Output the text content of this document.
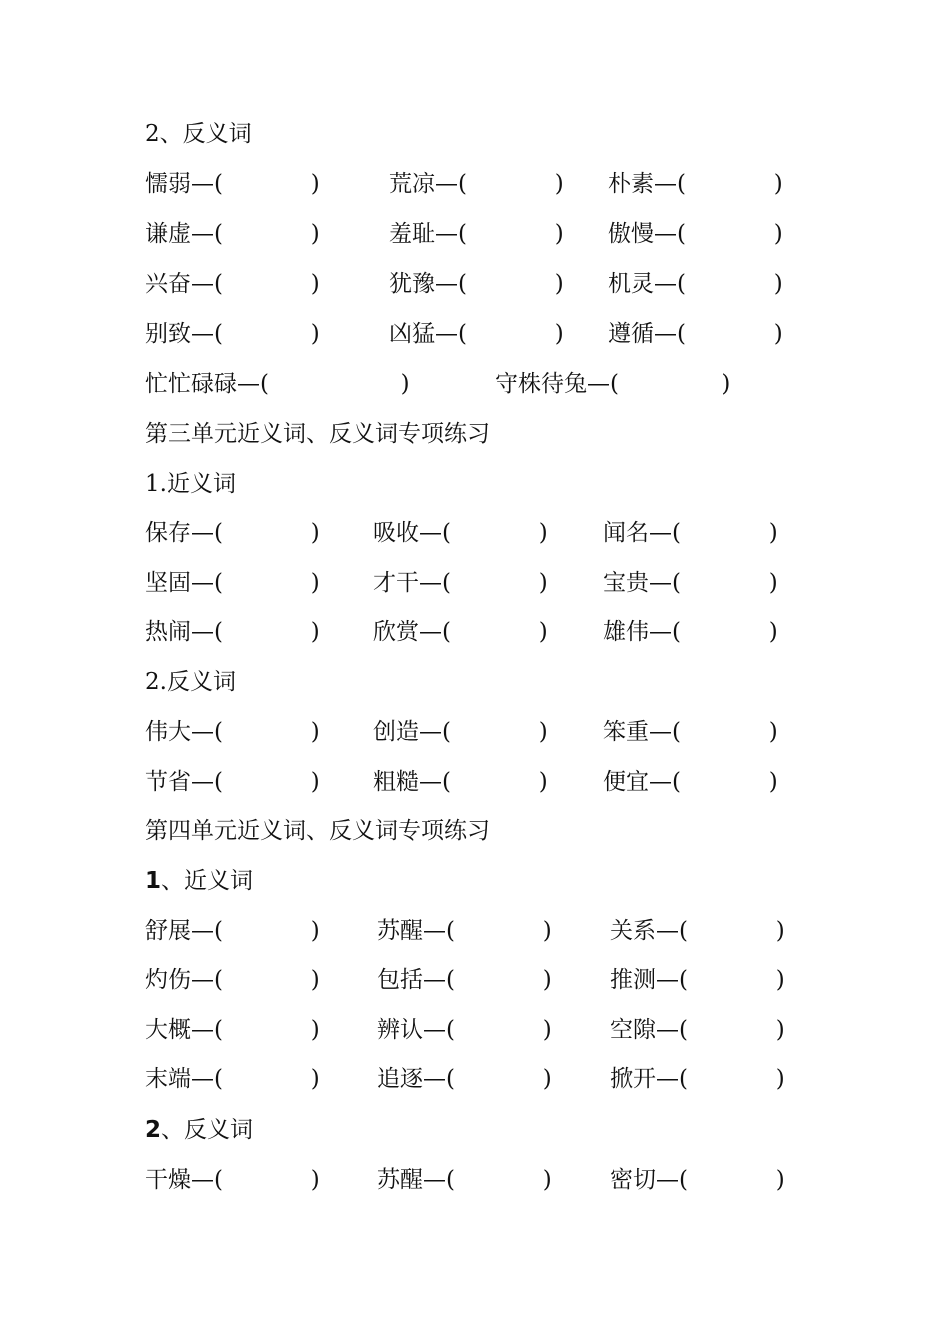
2、反义词
懦弱—(            )	荒凉—(            ) 朴素—(            )
谦虚—(            )	羞耻—(            ) 傲慢—(            )
兴奋—(            )	犹豫—(            ) 机灵—(            )
别致—(            )	凶猛—(            ) 遵循—(            )
忙忙碌碌—(                  )	守株待兔—(              )
第三单元近义词、反义词专项练习
1.近义词
保存—(            ) 吸收—(            ) 闻名—(            )
坚固—(            ) 才干—(            ) 宝贵—(            )
热闹—(            ) 欣赏—(            ) 雄伟—(            )
2.反义词
伟大—(            ) 创造—(            ) 笨重—(            )
节省—(            ) 粗糙—(            ) 便宜—(            )
第四单元近义词、反义词专项练习
1、近义词
舒展—(            ) 苏醒—(            )	关系—(            )
灼伤—(            ) 包括—(            )	推测—(            )
大概—(            ) 辨认—(            )	空隙—(            )
末端—(            ) 追逐—(            )	掀开—(            )
2、反义词
干燥—(            ) 苏醒—(            )	密切—(            )
